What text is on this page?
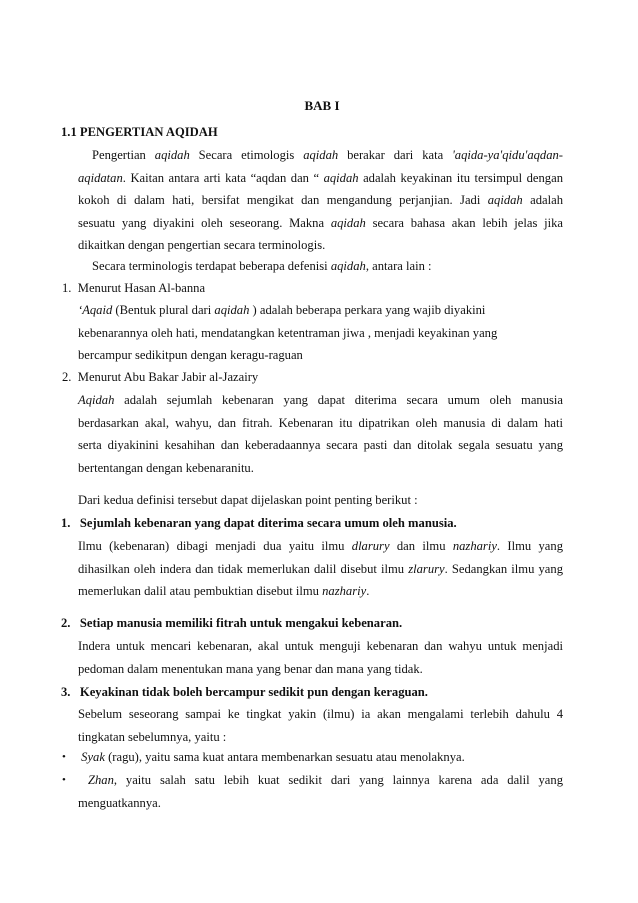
BAB I
1.1 PENGERTIAN AQIDAH
Pengertian aqidah Secara etimologis aqidah berakar dari kata 'aqida-ya'qidu'aqdan-
aqidatan. Kaitan antara arti kata “aqdan dan “ aqidah adalah keyakinan itu tersimpul dengan
kokoh di dalam hati, bersifat mengikat dan mengandung perjanjian. Jadi aqidah adalah
sesuatu yang diyakini oleh seseorang. Makna aqidah secara bahasa akan lebih jelas jika
dikaitkan dengan pengertian secara terminologis.
Secara terminologis terdapat beberapa defenisi aqidah, antara lain :
1. Menurut Hasan Al-banna
‘Aqaid (Bentuk plural dari aqidah ) adalah beberapa perkara yang wajib diyakini
kebenarannya oleh hati, mendatangkan ketentraman jiwa , menjadi keyakinan yang
bercampur sedikitpun dengan keragu-raguan
2. Menurut Abu Bakar Jabir al-Jazairy
Aqidah adalah sejumlah kebenaran yang dapat diterima secara umum oleh manusia
berdasarkan akal, wahyu, dan fitrah. Kebenaran itu dipatrikan oleh manusia di dalam hati
serta diyakinini kesahihan dan keberadaannya secara pasti dan ditolak segala sesuatu yang
bertentangan dengan kebenaranitu.
Dari kedua definisi tersebut dapat dijelaskan point penting berikut :
1. Sejumlah kebenaran yang dapat diterima secara umum oleh manusia.
Ilmu (kebenaran) dibagi menjadi dua yaitu ilmu dlarury dan ilmu nazhariy. Ilmu yang
dihasilkan oleh indera dan tidak memerlukan dalil disebut ilmu zlarury. Sedangkan ilmu yang
memerlukan dalil atau pembuktian disebut ilmu nazhariy.
2. Setiap manusia memiliki fitrah untuk mengakui kebenaran.
Indera untuk mencari kebenaran, akal untuk menguji kebenaran dan wahyu untuk menjadi
pedoman dalam menentukan mana yang benar dan mana yang tidak.
3. Keyakinan tidak boleh bercampur sedikit pun dengan keraguan.
Sebelum seseorang sampai ke tingkat yakin (ilmu) ia akan mengalami terlebih dahulu 4
tingkatan sebelumnya, yaitu :
• Syak (ragu), yaitu sama kuat antara membenarkan sesuatu atau menolaknya.
•	Zhan, yaitu salah satu lebih kuat sedikit dari yang lainnya karena ada dalil yang
menguatkannya.
